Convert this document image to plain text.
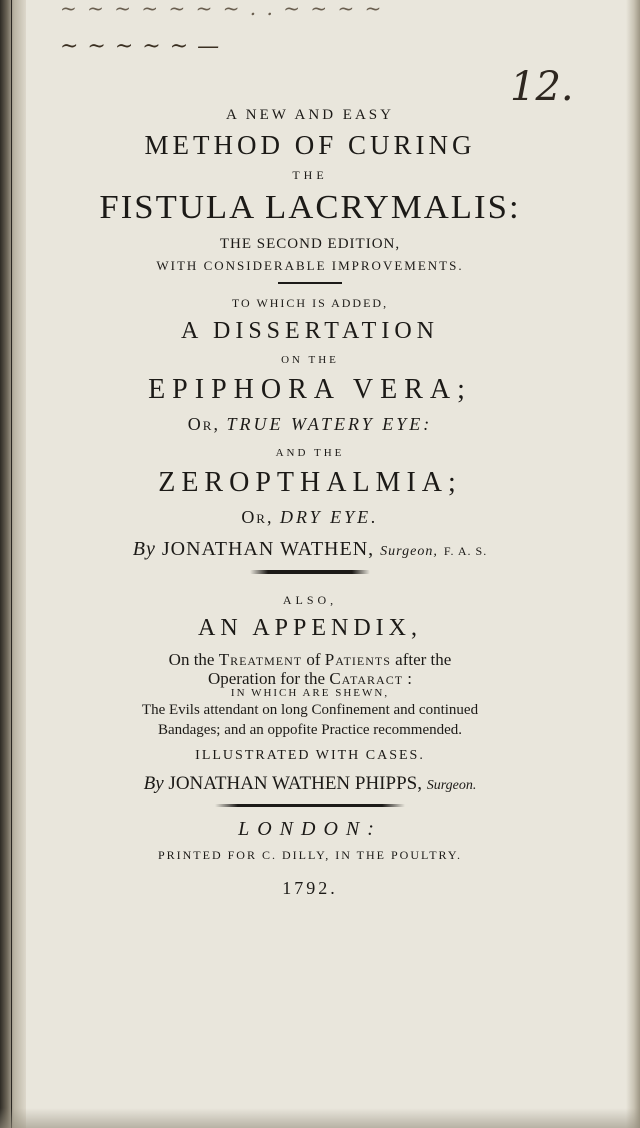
~ ~ ~ ~ ~ ~ ~ . . ~ ~ ~ ~
~ ~ ~ ~ ~ —
12.

A NEW AND EASY

METHOD OF CURING

THE

FISTULA LACRYMALIS:

THE SECOND EDITION,

WITH CONSIDERABLE IMPROVEMENTS.

TO WHICH IS ADDED,

A DISSERTATION

ON THE

EPIPHORA VERA;

Or, TRUE WATERY EYE:

AND THE

ZEROPTHALMIA;

Or, DRY EYE.

By JONATHAN WATHEN, Surgeon, F. A. S.

ALSO,

AN APPENDIX,

On the Treatment of Patients after the
Operation for the Cataract :

IN WHICH ARE SHEWN,

The Evils attendant on long Confinement and continued

Bandages; and an oppofite Practice recommended.

ILLUSTRATED WITH CASES.

By JONATHAN WATHEN PHIPPS, Surgeon.

LONDON:

PRINTED FOR C. DILLY, IN THE POULTRY.

1792.
